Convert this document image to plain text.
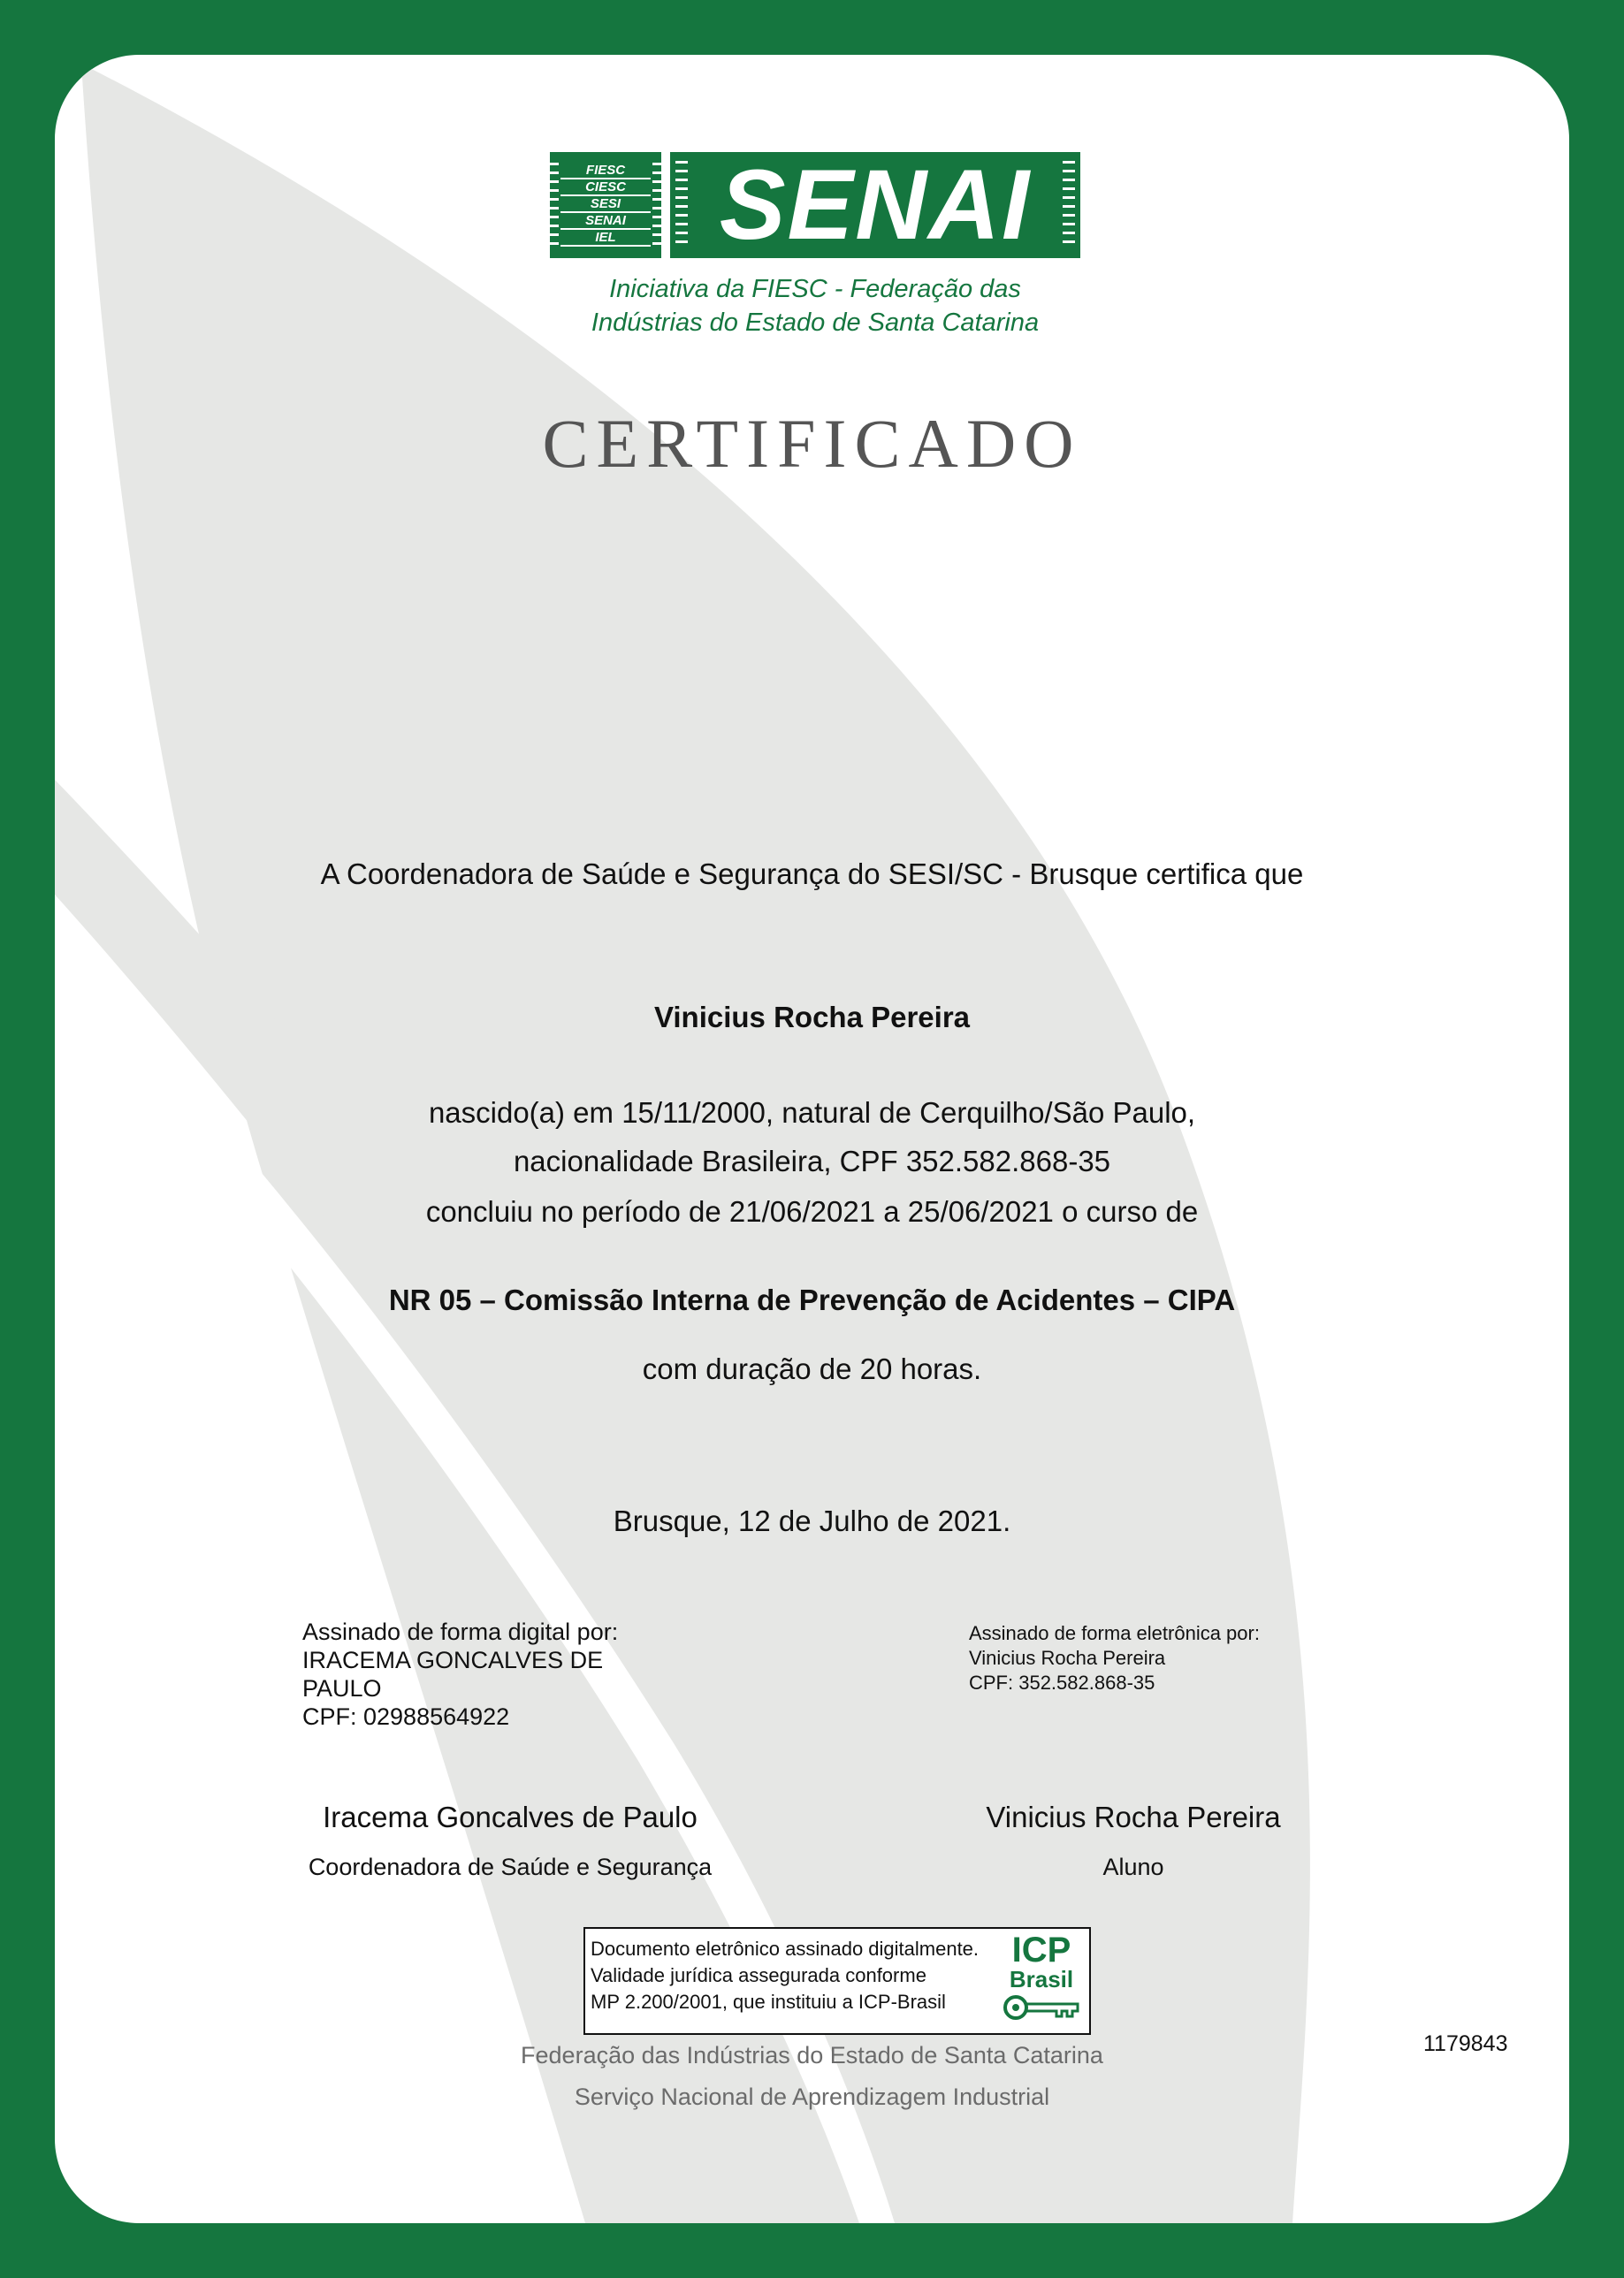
FIESC
CIESC
SESI
SENAI
IEL	SENAI
Iniciativa da FIESC - Federação das
Indústrias do Estado de Santa Catarina
CERTIFICADO
A Coordenadora de Saúde e Segurança do SESI/SC - Brusque certifica que
Vinicius Rocha Pereira
nascido(a) em 15/11/2000, natural de Cerquilho/São Paulo,
nacionalidade Brasileira, CPF 352.582.868-35
concluiu no período de 21/06/2021 a 25/06/2021 o curso de
NR 05 – Comissão Interna de Prevenção de Acidentes – CIPA
com duração de 20 horas.
Brusque, 12 de Julho de 2021.
Assinado de forma digital por:
IRACEMA GONCALVES DE
PAULO
CPF: 02988564922
Assinado de forma eletrônica por:
Vinicius Rocha Pereira
CPF: 352.582.868-35
Iracema Goncalves de Paulo
Coordenadora de Saúde e Segurança
Vinicius Rocha Pereira
Aluno
Documento eletrônico assinado digitalmente.
Validade jurídica assegurada conforme
MP 2.200/2001, que instituiu a ICP-Brasil
ICP
Brasil
Federação das Indústrias do Estado de Santa Catarina
Serviço Nacional de Aprendizagem Industrial
1179843
